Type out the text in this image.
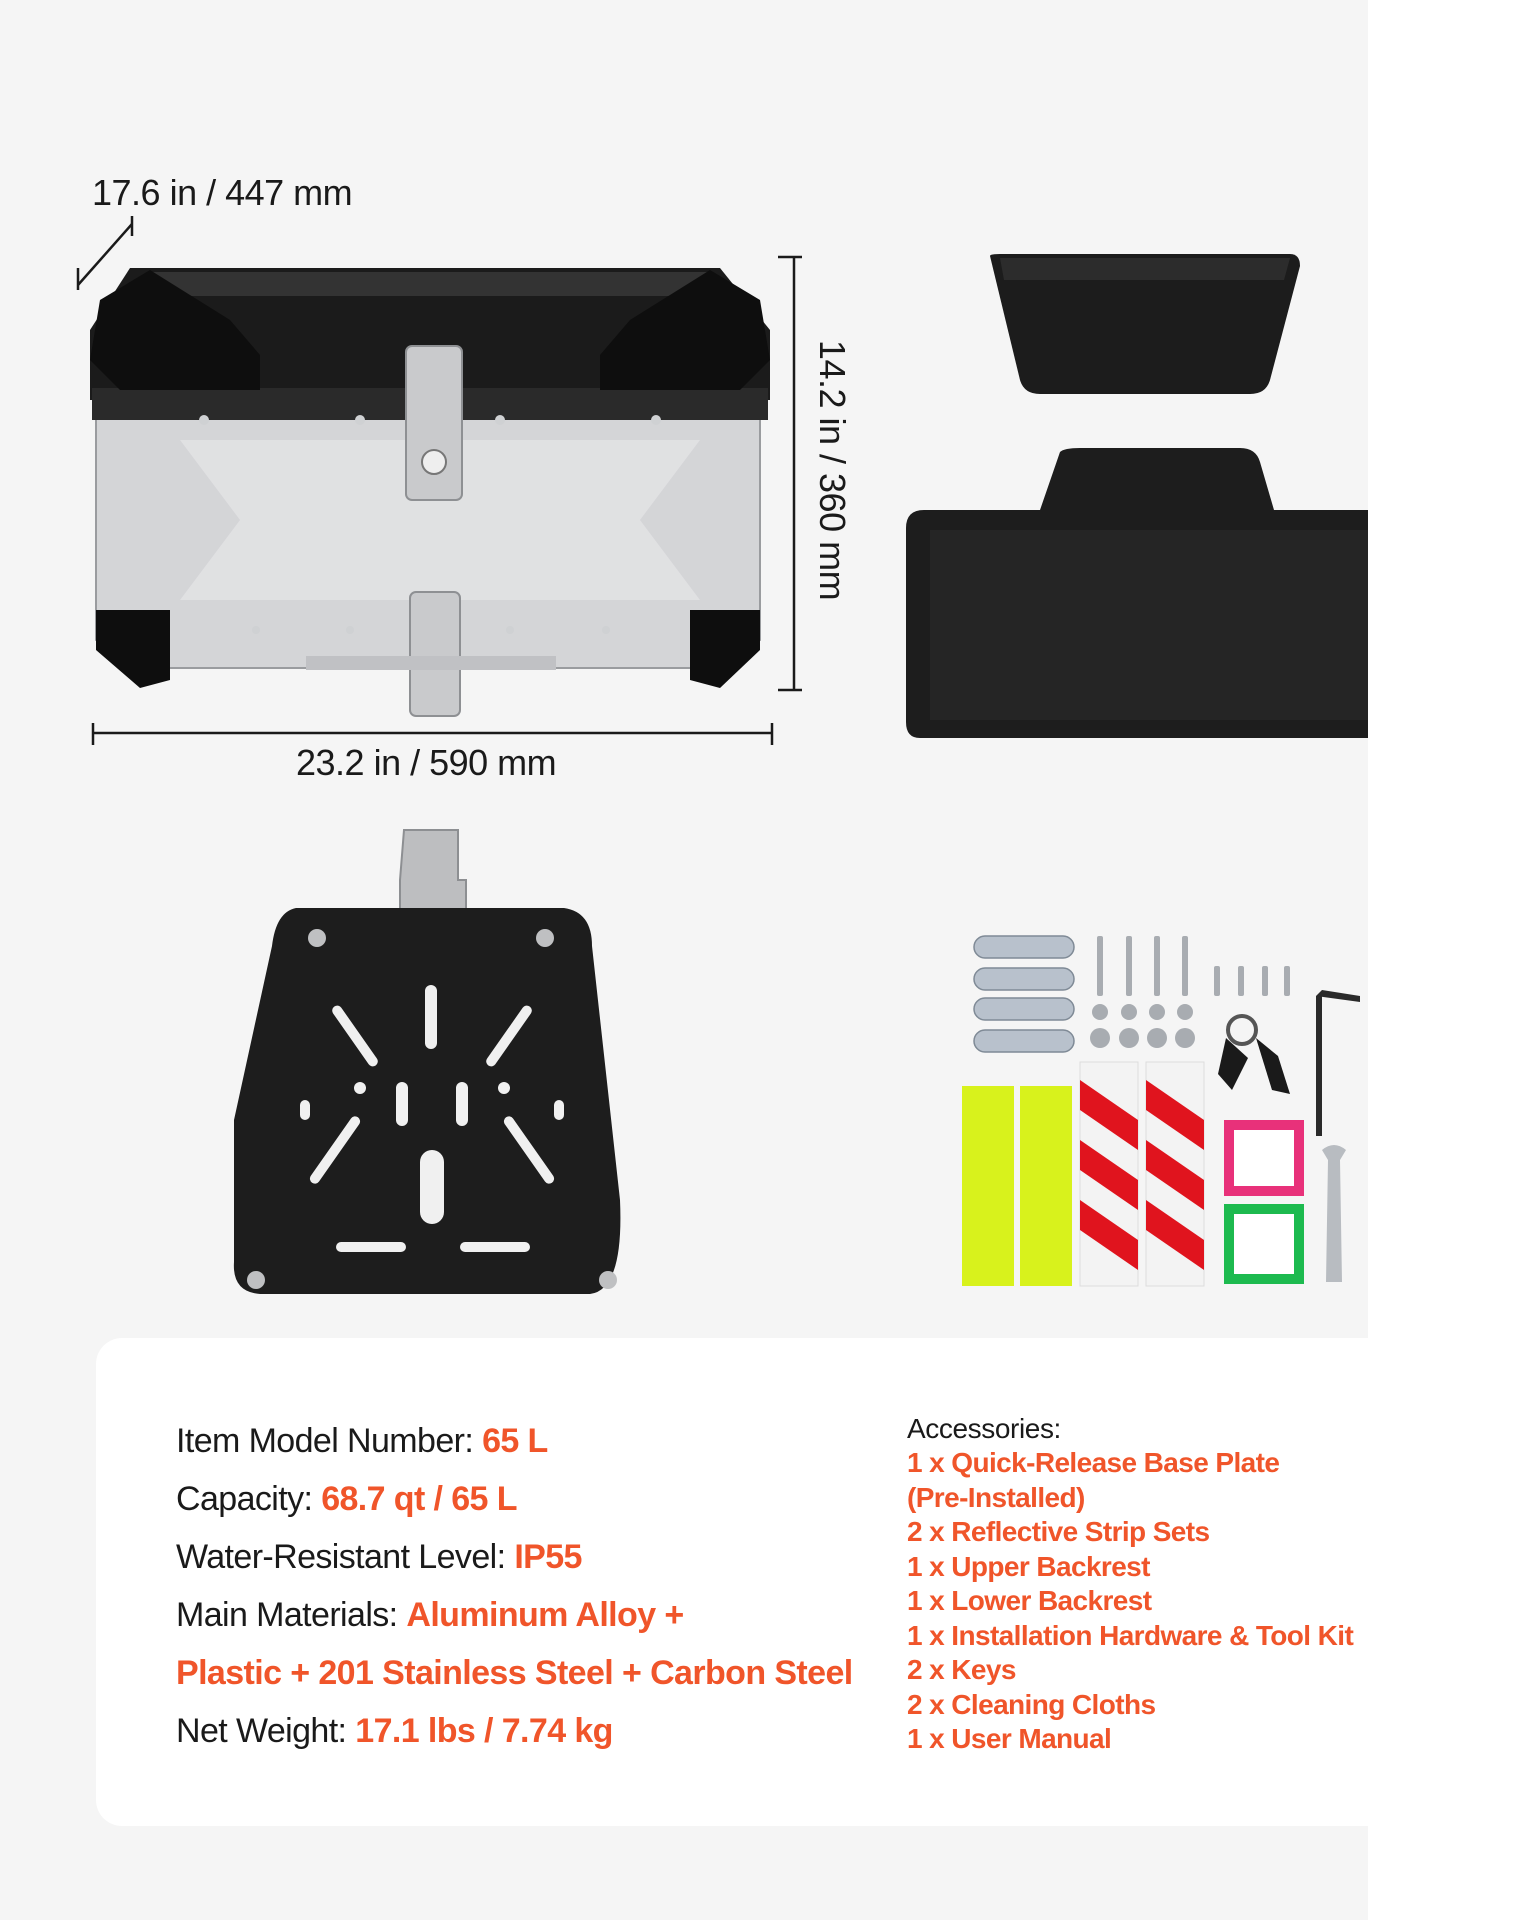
17.6 in / 447 mm
14.2 in / 360 mm
23.2 in / 590 mm
Item Model Number: 65 L
Capacity: 68.7 qt / 65 L
Water-Resistant Level: IP55
Main Materials: Aluminum Alloy +
Plastic + 201 Stainless Steel + Carbon Steel
Net Weight: 17.1 lbs / 7.74 kg
Accessories:
1 x Quick-Release Base Plate
(Pre-Installed)
2 x Reflective Strip Sets
1 x Upper Backrest
1 x Lower Backrest
1 x Installation Hardware & Tool Kit
2 x Keys
2 x Cleaning Cloths
1 x User Manual
